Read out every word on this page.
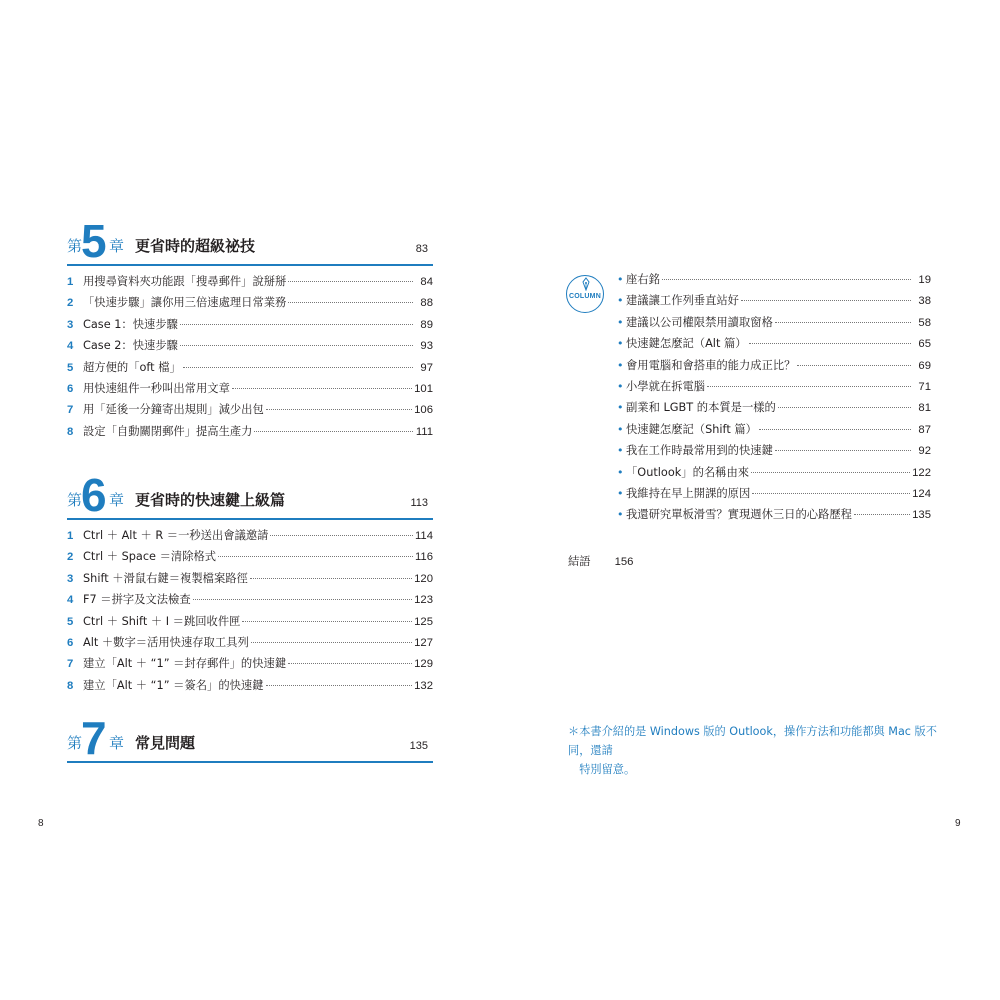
第
5 章 更省時的超級祕技	83
1 用搜尋資料夾功能跟「搜尋郵件」說掰掰	84
2 「快速步驟」讓你用三倍速處理日常業務	88
3 Case 1：快速步驟	89
4 Case 2：快速步驟	93
5 超方便的「oft 檔」	97
6 用快速組件一秒叫出常用文章	101
7 用「延後一分鐘寄出規則」減少出包	106
8 設定「自動關閉郵件」提高生產力	111
第
6 章 更省時的快速鍵上級篇	113
1 Ctrl ＋ Alt ＋ R ＝一秒送出會議邀請	114
2 Ctrl ＋ Space ＝清除格式	116
3 Shift ＋滑鼠右鍵＝複製檔案路徑	120
4 F7 ＝拼字及文法檢查	123
5 Ctrl ＋ Shift ＋ I ＝跳回收件匣	125
6 Alt ＋數字＝活用快速存取工具列	127
7 建立「Alt ＋ “1” ＝封存郵件」的快速鍵	129
8 建立「Alt ＋ “1” ＝簽名」的快速鍵	132
第
7 章 常見問題	135
COLUMN
• 座右銘	19
• 建議讓工作列垂直站好	38
• 建議以公司權限禁用讀取窗格	58
• 快速鍵怎麼記（Alt 篇）	65
• 會用電腦和會搭車的能力成正比？	69
• 小學就在拆電腦	71
• 副業和 LGBT 的本質是一樣的	81
• 快速鍵怎麼記（Shift 篇）	87
• 我在工作時最常用到的快速鍵	92
• 「Outlook」的名稱由來	122
• 我維持在早上開課的原因	124
• 我還研究單板滑雪？實現週休三日的心路歷程	135
結語 156
＊本書介紹的是 Windows 版的 Outlook，操作方法和功能都與 Mac 版不同，還請
　特別留意。
8	9
